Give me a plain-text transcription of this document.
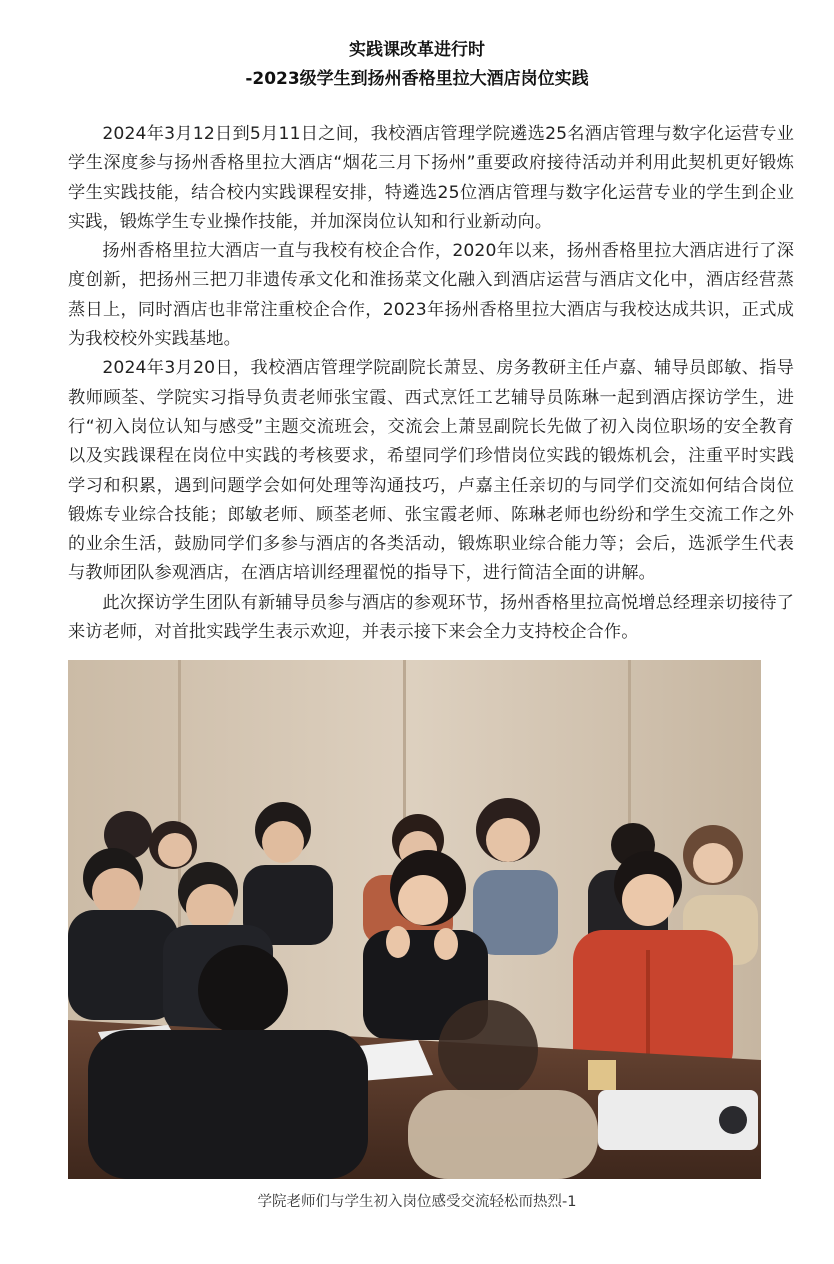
实践课改革进行时
-2023级学生到扬州香格里拉大酒店岗位实践

2024年3月12日到5月11日之间，我校酒店管理学院遴选25名酒店管理与数字化运营专业学生深度参与扬州香格里拉大酒店“烟花三月下扬州”重要政府接待活动并利用此契机更好锻炼学生实践技能，结合校内实践课程安排，特遴选25位酒店管理与数字化运营专业的学生到企业实践，锻炼学生专业操作技能，并加深岗位认知和行业新动向。

扬州香格里拉大酒店一直与我校有校企合作，2020年以来，扬州香格里拉大酒店进行了深度创新，把扬州三把刀非遗传承文化和淮扬菜文化融入到酒店运营与酒店文化中，酒店经营蒸蒸日上，同时酒店也非常注重校企合作，2023年扬州香格里拉大酒店与我校达成共识，正式成为我校校外实践基地。

2024年3月20日，我校酒店管理学院副院长萧昱、房务教研主任卢嘉、辅导员郎敏、指导教师顾荃、学院实习指导负责老师张宝霞、西式烹饪工艺辅导员陈琳一起到酒店探访学生，进行“初入岗位认知与感受”主题交流班会，交流会上萧昱副院长先做了初入岗位职场的安全教育以及实践课程在岗位中实践的考核要求，希望同学们珍惜岗位实践的锻炼机会，注重平时实践学习和积累，遇到问题学会如何处理等沟通技巧，卢嘉主任亲切的与同学们交流如何结合岗位锻炼专业综合技能；郎敏老师、顾荃老师、张宝霞老师、陈琳老师也纷纷和学生交流工作之外的业余生活，鼓励同学们多参与酒店的各类活动，锻炼职业综合能力等；会后，选派学生代表与教师团队参观酒店，在酒店培训经理翟悦的指导下，进行简洁全面的讲解。

此次探访学生团队有新辅导员参与酒店的参观环节，扬州香格里拉高悦增总经理亲切接待了来访老师，对首批实践学生表示欢迎，并表示接下来会全力支持校企合作。

学院老师们与学生初入岗位感受交流轻松而热烈-1
